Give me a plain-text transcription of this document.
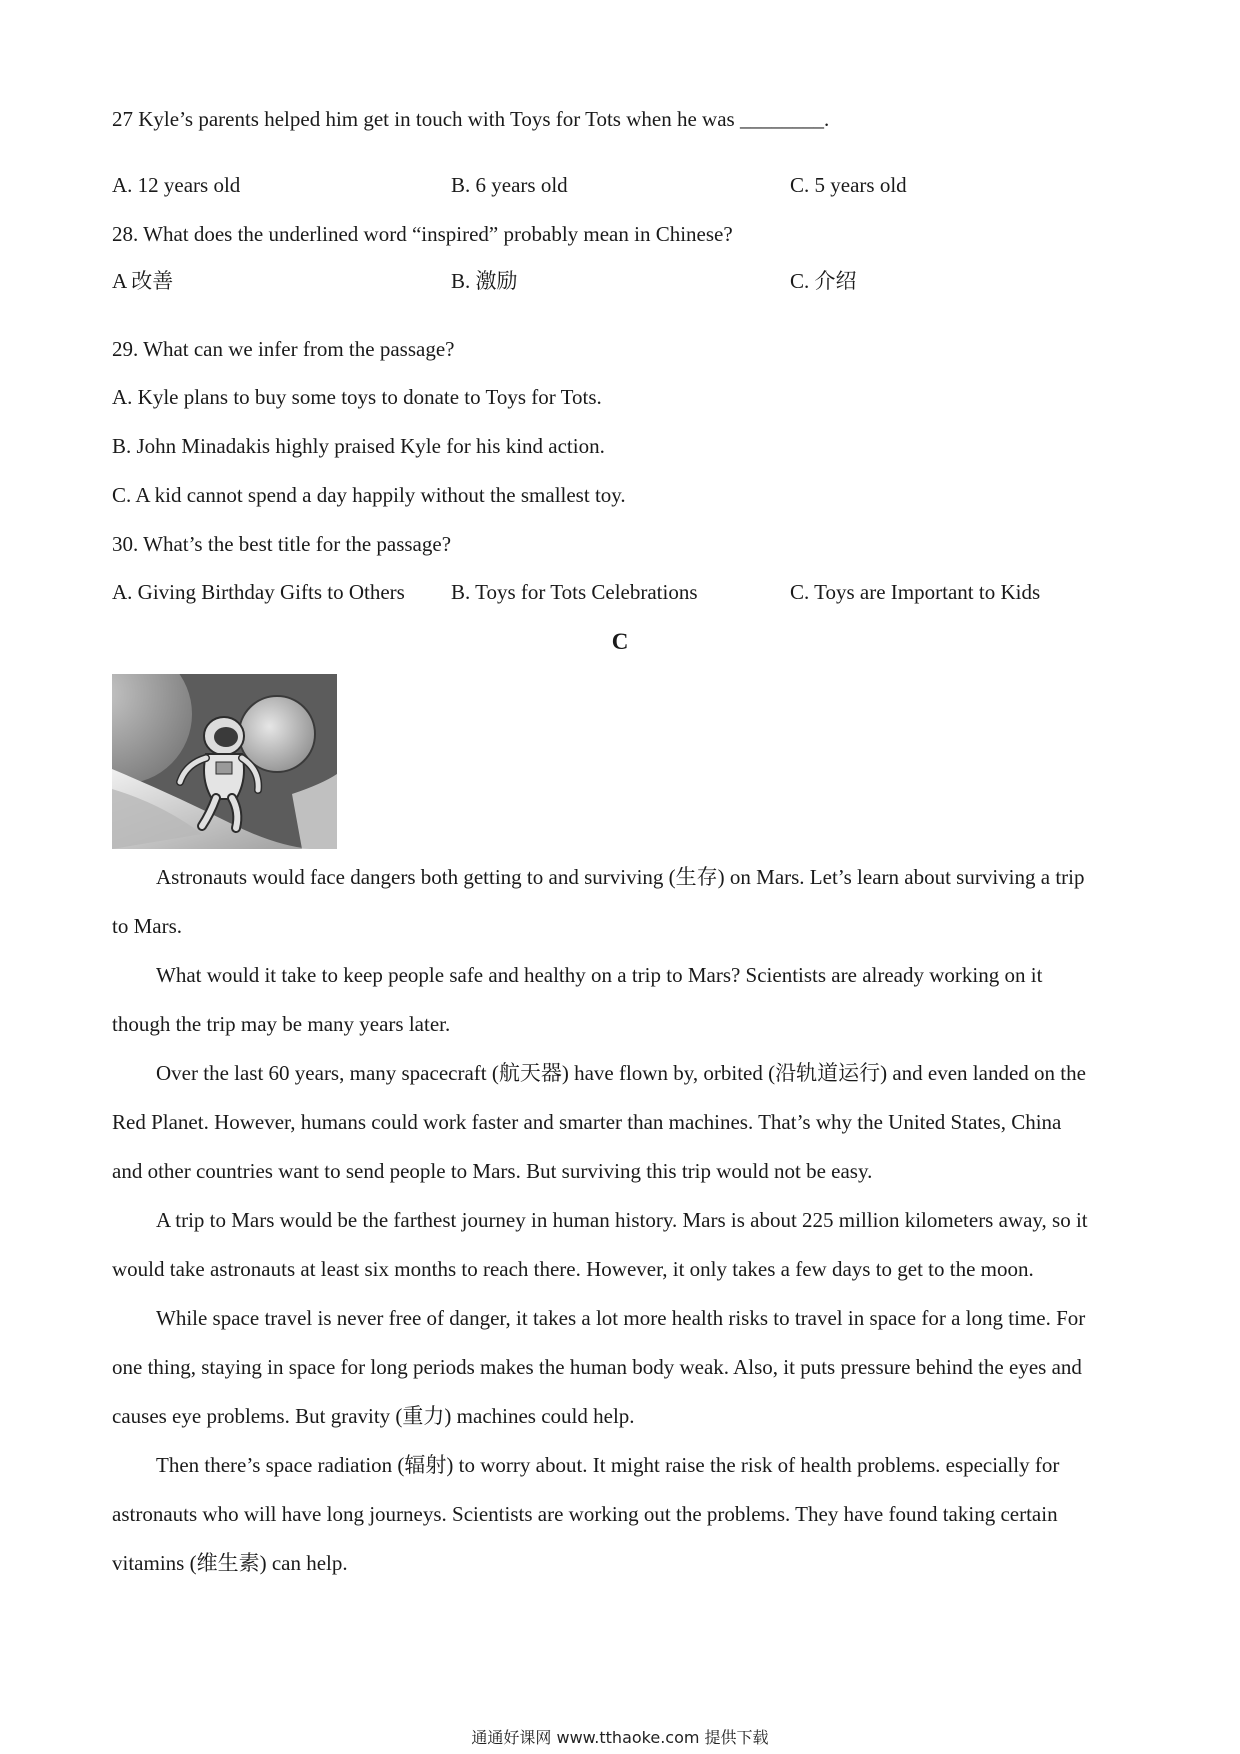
27 Kyle’s parents helped him get in touch with Toys for Tots when he was ________.
A. 12 years old	B. 6 years old	C. 5 years old
28. What does the underlined word “inspired” probably mean in Chinese?
A 改善	B. 激励	C. 介绍
29. What can we infer from the passage?
A. Kyle plans to buy some toys to donate to Toys for Tots.
B. John Minadakis highly praised Kyle for his kind action.
C. A kid cannot spend a day happily without the smallest toy.
30. What’s the best title for the passage?
A. Giving Birthday Gifts to Others B. Toys for Tots Celebrations	C. Toys are Important to Kids
C
Astronauts would face dangers both getting to and surviving (生存) on Mars. Let’s learn about surviving a trip
to Mars.
What would it take to keep people safe and healthy on a trip to Mars? Scientists are already working on it
though the trip may be many years later.
Over the last 60 years, many spacecraft (航天器) have flown by, orbited (沿轨道运行) and even landed on the
Red Planet. However, humans could work faster and smarter than machines. That’s why the United States, China
and other countries want to send people to Mars. But surviving this trip would not be easy.
A trip to Mars would be the farthest journey in human history. Mars is about 225 million kilometers away, so it
would take astronauts at least six months to reach there. However, it only takes a few days to get to the moon.
While space travel is never free of danger, it takes a lot more health risks to travel in space for a long time. For
one thing, staying in space for long periods makes the human body weak. Also, it puts pressure behind the eyes and
causes eye problems. But gravity (重力) machines could help.
Then there’s space radiation (辐射) to worry about. It might raise the risk of health problems. especially for
astronauts who will have long journeys. Scientists are working out the problems. They have found taking certain
vitamins (维生素) can help.
通通好课网 www.tthaoke.com 提供下载
